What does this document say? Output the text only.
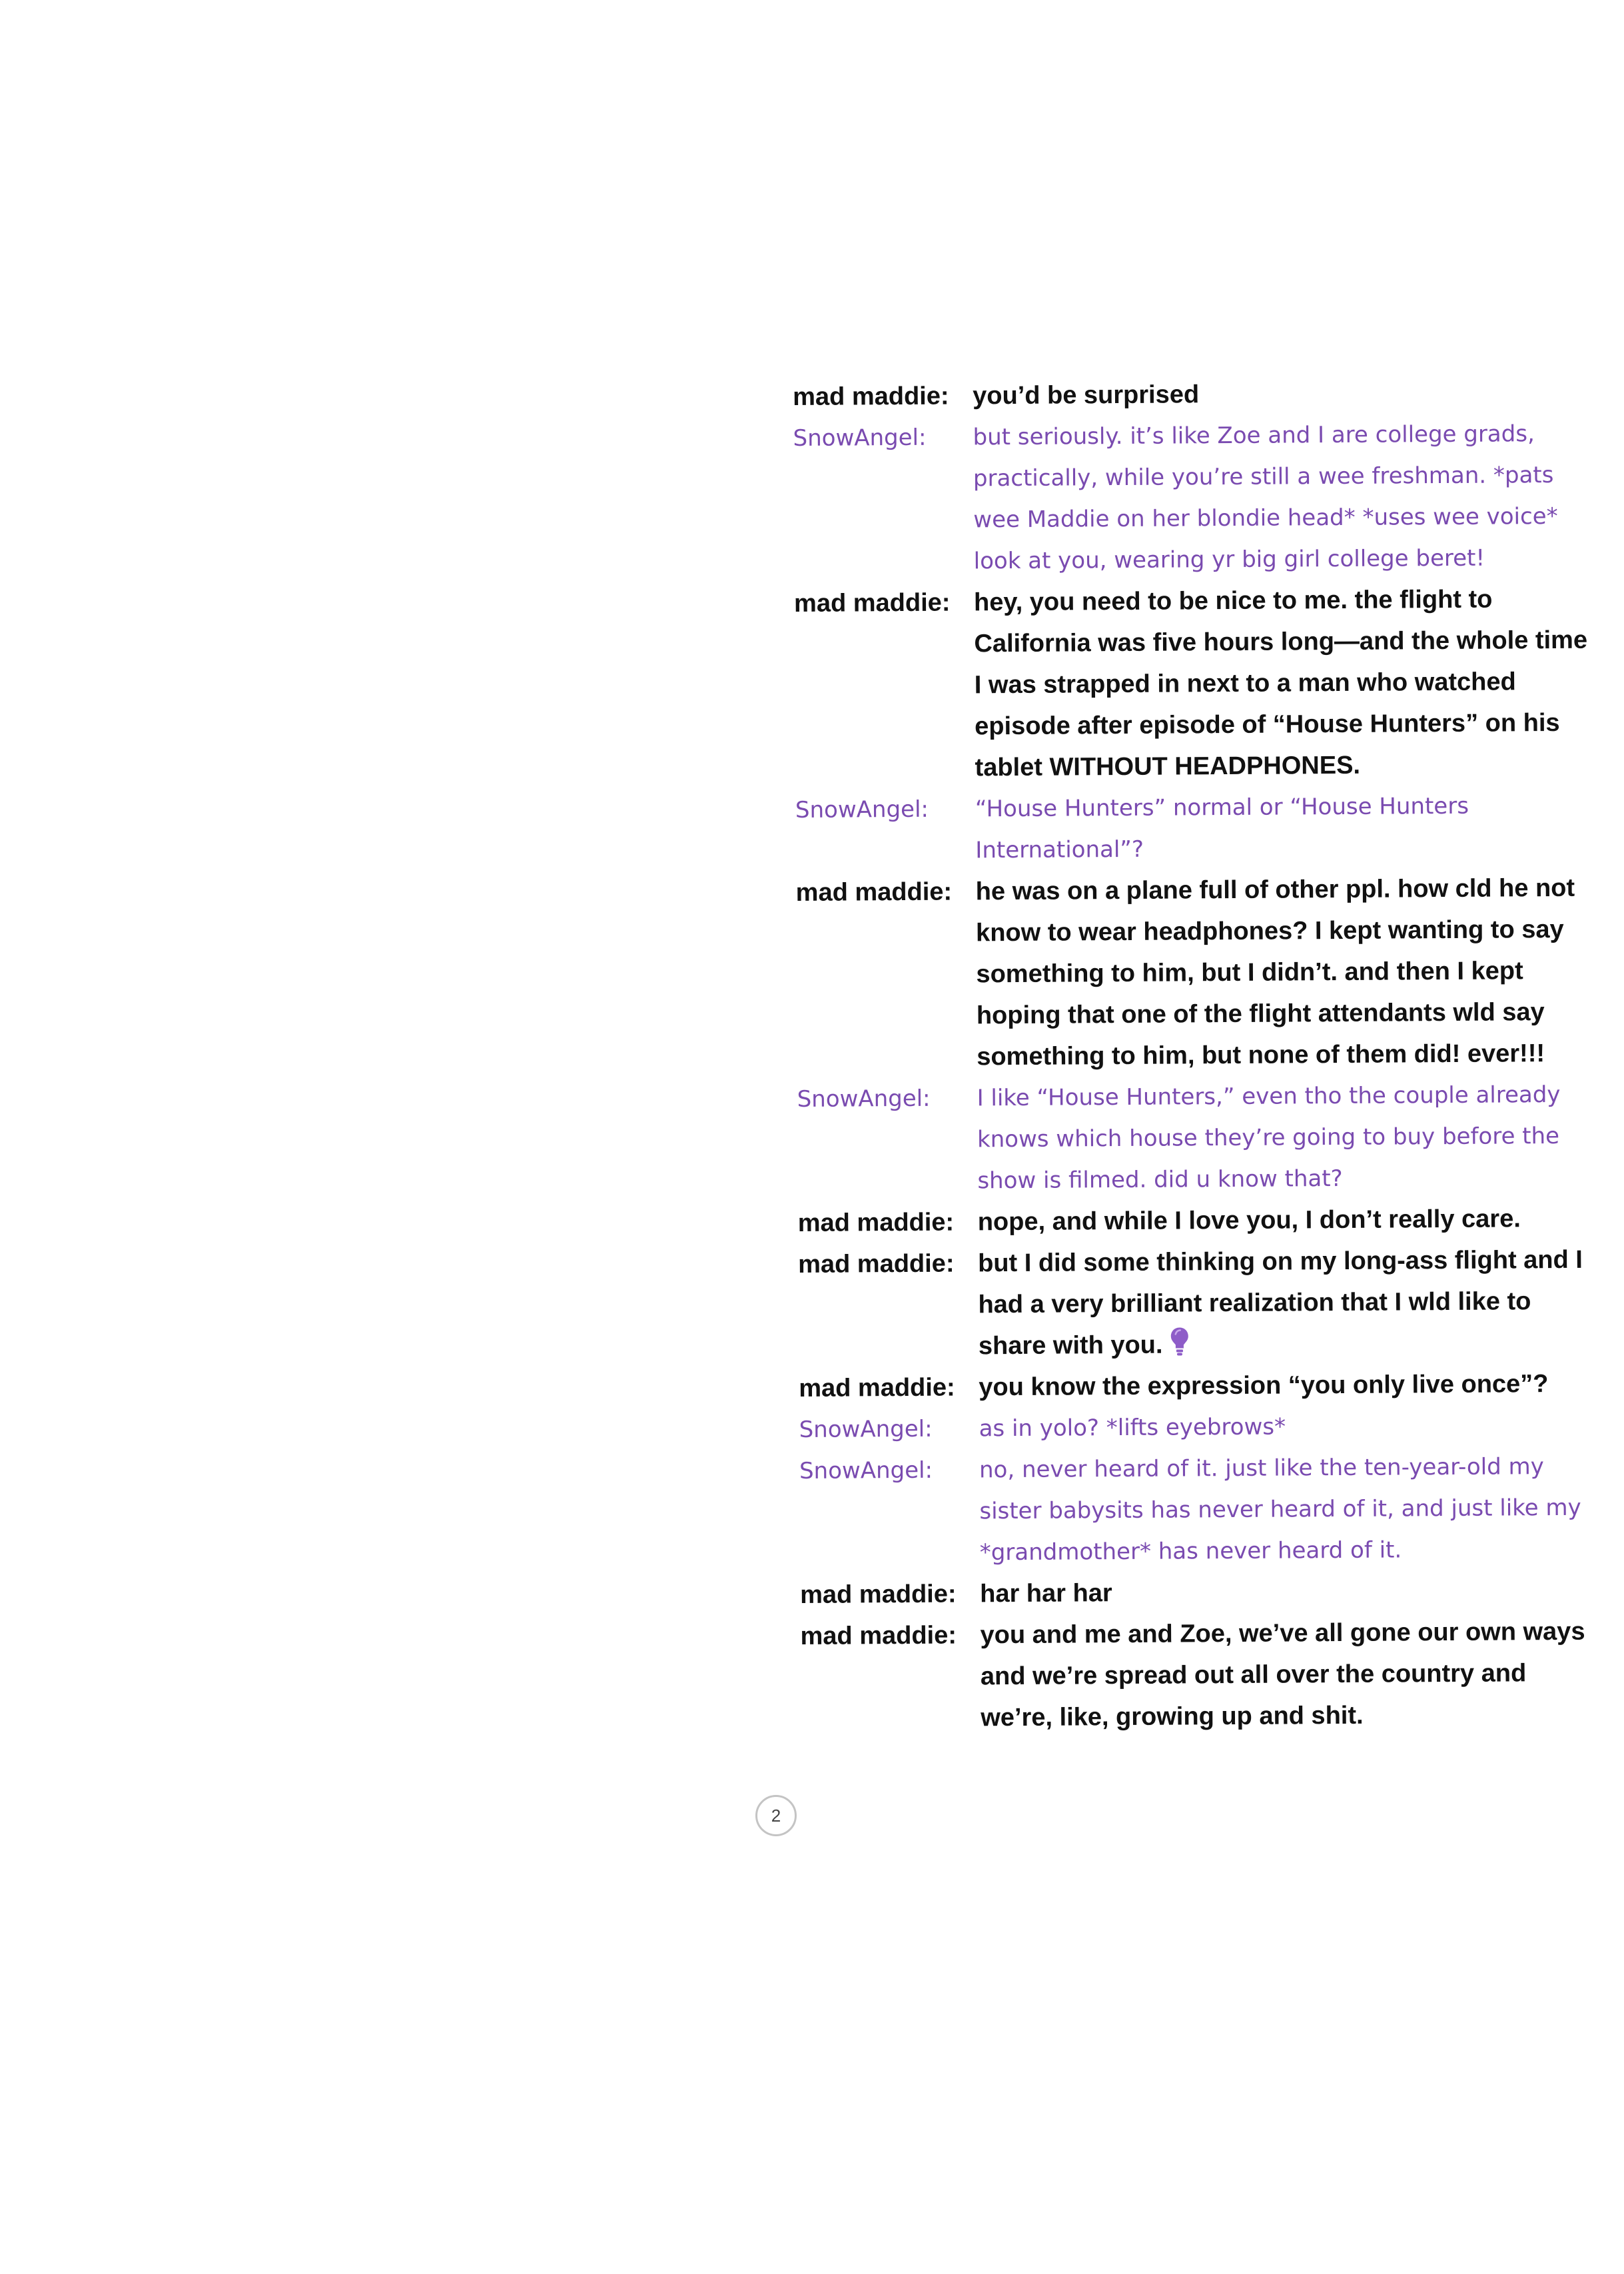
mad maddie: you’d be surprised
SnowAngel:	but seriously. it’s like Zoe and I are college grads, practically, while you’re still a wee freshman. *pats wee Maddie on her blondie head* *uses wee voice* look at you, wearing yr big girl college beret!
mad maddie: hey, you need to be nice to me. the flight to California was five hours long—and the whole time I was strapped in next to a man who watched episode after episode of “House Hunters” on his tablet WITHOUT HEADPHONES.
SnowAngel:	“House Hunters” normal or “House Hunters International”?
mad maddie: he was on a plane full of other ppl. how cld he not know to wear headphones? I kept wanting to say something to him, but I didn’t. and then I kept hoping that one of the flight attendants wld say something to him, but none of them did! ever!!!
SnowAngel:	I like “House Hunters,” even tho the couple already knows which house they’re going to buy before the show is filmed. did u know that?
mad maddie: nope, and while I love you, I don’t really care.
mad maddie: but I did some thinking on my long-ass flight and I had a very brilliant realization that I wld like to share with you.
mad maddie: you know the expression “you only live once”?
SnowAngel:	as in yolo? *lifts eyebrows*
SnowAngel:	no, never heard of it. just like the ten-year-old my sister babysits has never heard of it, and just like my *grandmother* has never heard of it.
mad maddie: har har har
mad maddie: you and me and Zoe, we’ve all gone our own ways and we’re spread out all over the country and we’re, like, growing up and shit.
2
